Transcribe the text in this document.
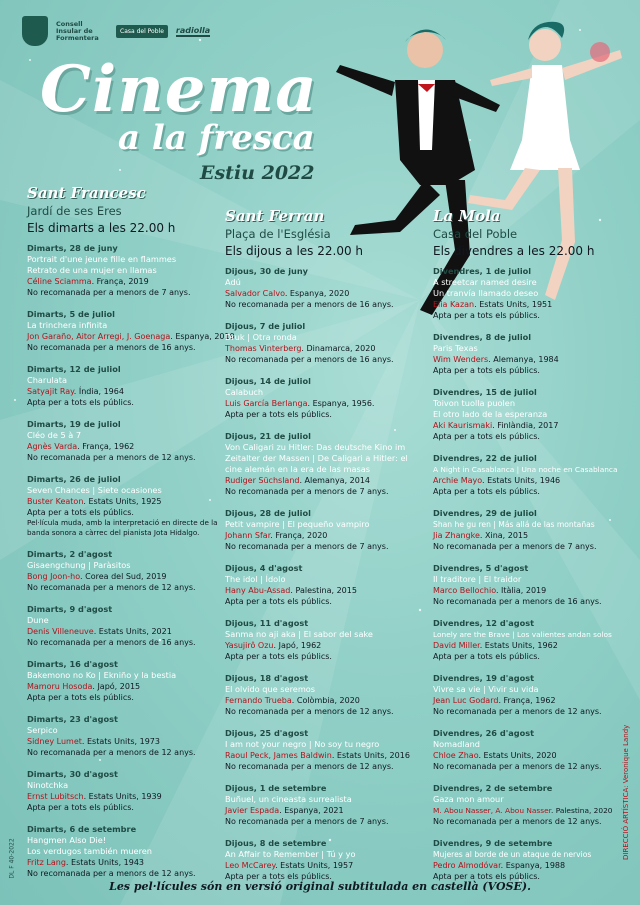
Consell Insular de Formentera
Casa del Poble	radiolla
Cinema
a la fresca
Estiu 2022
Sant Francesc
Jardí de ses Eres
Els dimarts a les 22.00 h
Dimarts, 28 de juny
Portrait d'une jeune fille en flammes
Retrato de una mujer en llamas
Céline Sciamma. França, 2019
No recomanada per a menors de 7 anys.
Dimarts, 5 de juliol
La trinchera infinita
Jon Garaño, Aitor Arregi, J. Goenaga. Espanya, 2019
No recomanada per a menors de 16 anys.
Dimarts, 12 de juliol
Charulata
Satyajit Ray. Índia, 1964
Apta per a tots els públics.
Dimarts, 19 de juliol
Cléo de 5 à 7
Agnès Varda. França, 1962
No recomanada per a menors de 12 anys.
Dimarts, 26 de juliol
Seven Chances | Siete ocasiones
Buster Keaton. Estats Units, 1925
Apta per a tots els públics.
Pel·lícula muda, amb la interpretació en directe de la banda sonora a càrrec del pianista Jota Hidalgo.
Dimarts, 2 d'agost
Gisaengchung | Paràsitos
Bong Joon-ho. Corea del Sud, 2019
No recomanada per a menors de 12 anys.
Dimarts, 9 d'agost
Dune
Denis Villeneuve. Estats Units, 2021
No recomanada per a menors de 16 anys.
Dimarts, 16 d'agost
Bakemono no Ko | Ekniño y la bestia
Mamoru Hosoda. Japó, 2015
Apta per a tots els públics.
Dimarts, 23 d'agost
Serpico
Sidney Lumet. Estats Units, 1973
No recomanada per a menors de 12 anys.
Dimarts, 30 d'agost
Ninotchka
Ernst Lubitsch. Estats Units, 1939
Apta per a tots els públics.
Dimarts, 6 de setembre
Hangmen Also Die!
Los verdugos también mueren
Fritz Lang. Estats Units, 1943
No recomanada per a menors de 12 anys.
Sant Ferran
Plaça de l'Església
Els dijous a les 22.00 h
Dijous, 30 de juny
Adú
Salvador Calvo. Espanya, 2020
No recomanada per a menors de 16 anys.
Dijous, 7 de juliol
Druk | Otra ronda
Thomas Vinterberg. Dinamarca, 2020
No recomanada per a menors de 16 anys.
Dijous, 14 de juliol
Calabuch
Luis García Berlanga. Espanya, 1956.
Apta per a tots els públics.
Dijous, 21 de juliol
Von Caligari zu Hitler: Das deutsche Kino im
Zeitalter der Massen | De Caligari a Hitler: el
cine alemán en la era de las masas
Rudiger Süchsland. Alemanya, 2014
No recomanada per a menors de 7 anys.
Dijous, 28 de juliol
Petit vampire | El pequeño vampiro
Johann Sfar. França, 2020
No recomanada per a menors de 7 anys.
Dijous, 4 d'agost
The idol | Ídolo
Hany Abu-Assad. Palestina, 2015
Apta per a tots els públics.
Dijous, 11 d'agost
Sanma no aji aka | El sabor del sake
Yasujirô Ozu. Japó, 1962
Apta per a tots els públics.
Dijous, 18 d'agost
El olvido que seremos
Fernando Trueba. Colòmbia, 2020
No recomanada per a menors de 12 anys.
Dijous, 25 d'agost
I am not your negro | No soy tu negro
Raoul Peck, James Baldwin. Estats Units, 2016
No recomanada per a menors de 12 anys.
Dijous, 1 de setembre
Buñuel, un cineasta surrealista
Javier Espada. Espanya, 2021
No recomanada per a menors de 7 anys.
Dijous, 8 de setembre
An Affair to Remember | Tú y yo
Leo McCarey. Estats Units, 1957
Apta per a tots els públics.
La Mola
Casa del Poble
Els divendres a les 22.00 h
Divendres, 1 de juliol
A streetcar named desire
Un tranvía llamado deseo
Elia Kazan. Estats Units, 1951
Apta per a tots els públics.
Divendres, 8 de juliol
Paris Texas
Wim Wenders. Alemanya, 1984
Apta per a tots els públics.
Divendres, 15 de juliol
Toivon tuolla puolen
El otro lado de la esperanza
Aki Kaurismaki. Finlàndia, 2017
Apta per a tots els públics.
Divendres, 22 de juliol
A Night in Casablanca | Una noche en Casablanca
Archie Mayo. Estats Units, 1946
Apta per a tots els públics.
Divendres, 29 de juliol
Shan he gu ren | Más allá de las montañas
Jia Zhangke. Xina, 2015
No recomanada per a menors de 7 anys.
Divendres, 5 d'agost
Il traditore | El traidor
Marco Bellochio. Itàlia, 2019
No recomanada per a menors de 16 anys.
Divendres, 12 d'agost
Lonely are the Brave | Los valientes andan solos
David Miller. Estats Units, 1962
Apta per a tots els públics.
Divendres, 19 d'agost
Vivre sa vie | Vivir su vida
Jean Luc Godard. França, 1962
No recomanada per a menors de 12 anys.
Divendres, 26 d'agost
Nomadland
Chloe Zhao. Estats Units, 2020
No recomanada per a menors de 12 anys.
Divendres, 2 de setembre
Gaza mon amour
M. Abou Nasser, A. Abou Nasser. Palestina, 2020
No recomanada per a menors de 12 anys.
Divendres, 9 de setembre
Mujeres al borde de un ataque de nervios
Pedro Almodóvar. Espanya, 1988
Apta per a tots els públics.
Les pel·lícules són en versió original subtitulada en castellà (VOSE).
DL F 40-2022	DIRECCIÓ ARTÍSTICA: Veronique Landy
